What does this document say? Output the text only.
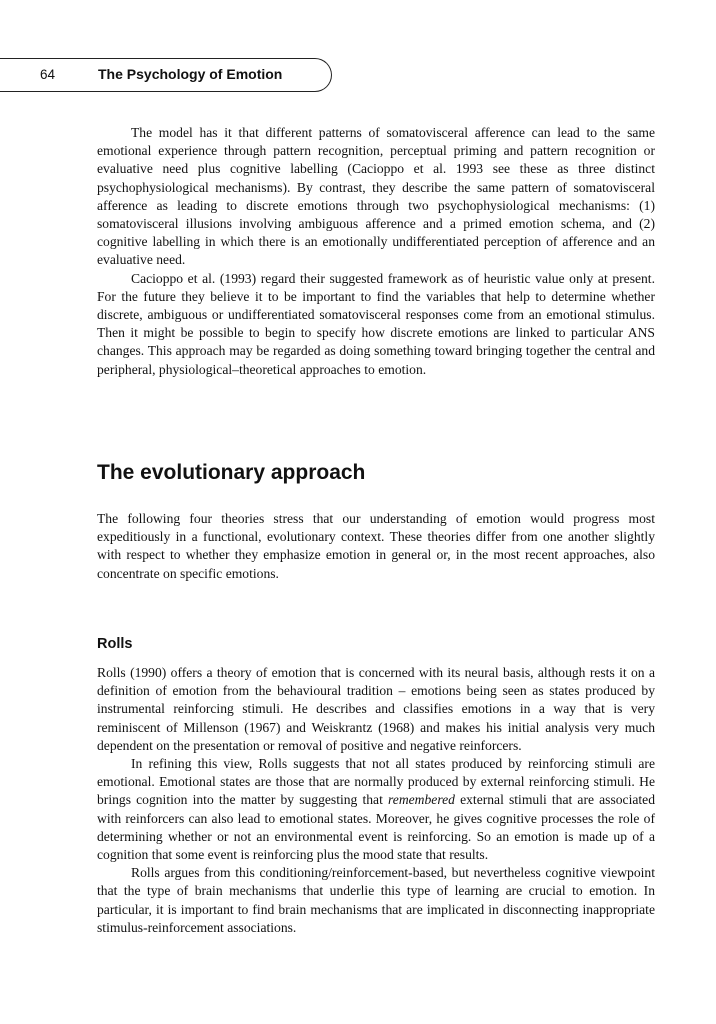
64	The Psychology of Emotion

The model has it that different patterns of somatovisceral afference can lead to the same emotional experience through pattern recognition, perceptual priming and pattern recognition or evaluative need plus cognitive labelling (Cacioppo et al. 1993 see these as three distinct psychophysiological mechanisms). By contrast, they describe the same pattern of somatovisceral afference as leading to discrete emotions through two psychophysiological mechanisms: (1) somatovisceral illusions involving ambiguous afference and a primed emotion schema, and (2) cognitive labelling in which there is an emotionally undifferentiated perception of afference and an evaluative need.

Cacioppo et al. (1993) regard their suggested framework as of heuristic value only at present. For the future they believe it to be important to find the variables that help to determine whether discrete, ambiguous or undifferentiated somatovisceral responses come from an emotional stimulus. Then it might be possible to begin to specify how discrete emotions are linked to particular ANS changes. This approach may be regarded as doing something toward bringing together the central and peripheral, physiological–theoretical approaches to emotion.

The evolutionary approach

The following four theories stress that our understanding of emotion would progress most expeditiously in a functional, evolutionary context. These theories differ from one another slightly with respect to whether they emphasize emotion in general or, in the most recent approaches, also concentrate on specific emotions.

Rolls

Rolls (1990) offers a theory of emotion that is concerned with its neural basis, although rests it on a definition of emotion from the behavioural tradition – emotions being seen as states produced by instrumental reinforcing stimuli. He describes and classifies emotions in a way that is very reminiscent of Millenson (1967) and Weiskrantz (1968) and makes his initial analysis very much dependent on the presentation or removal of positive and negative reinforcers.

In refining this view, Rolls suggests that not all states produced by reinforcing stimuli are emotional. Emotional states are those that are normally produced by external reinforcing stimuli. He brings cognition into the matter by suggesting that remembered external stimuli that are associated with reinforcers can also lead to emotional states. Moreover, he gives cognitive processes the role of determining whether or not an environmental event is reinforcing. So an emotion is made up of a cognition that some event is reinforcing plus the mood state that results.

Rolls argues from this conditioning/reinforcement-based, but nevertheless cognitive viewpoint that the type of brain mechanisms that underlie this type of learning are crucial to emotion. In particular, it is important to find brain mechanisms that are implicated in disconnecting inappropriate stimulus-reinforcement associations.
